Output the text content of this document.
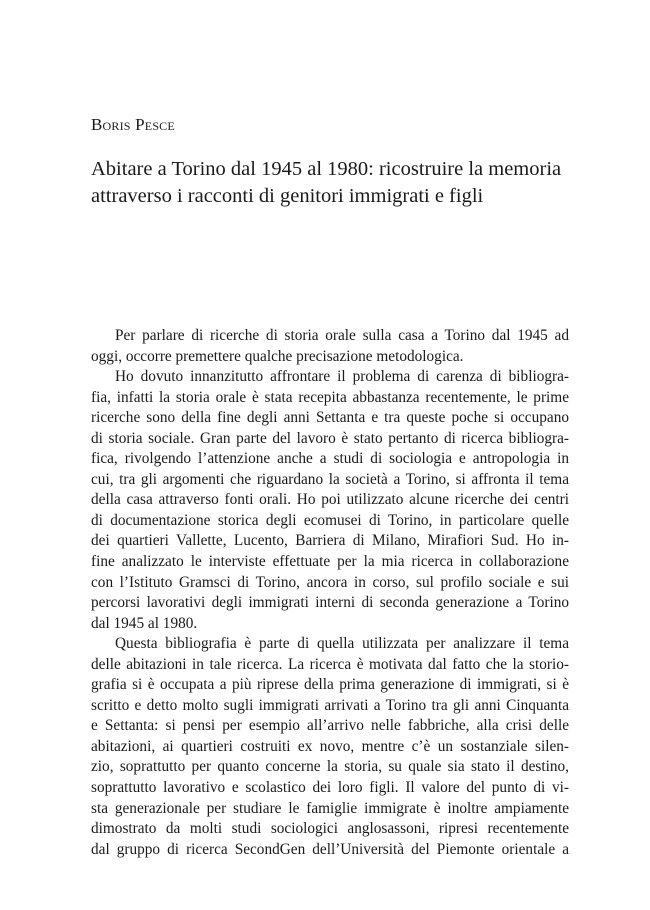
Boris Pesce
Abitare a Torino dal 1945 al 1980: ricostruire la memoria
attraverso i racconti di genitori immigrati e figli
Per parlare di ricerche di storia orale sulla casa a Torino dal 1945 ad
oggi, occorre premettere qualche precisazione metodologica.
Ho dovuto innanzitutto affrontare il problema di carenza di bibliogra-
fia, infatti la storia orale è stata recepita abbastanza recentemente, le prime
ricerche sono della fine degli anni Settanta e tra queste poche si occupano
di storia sociale. Gran parte del lavoro è stato pertanto di ricerca bibliogra-
fica, rivolgendo l’attenzione anche a studi di sociologia e antropologia in
cui, tra gli argomenti che riguardano la società a Torino, si affronta il tema
della casa attraverso fonti orali. Ho poi utilizzato alcune ricerche dei centri
di documentazione storica degli ecomusei di Torino, in particolare quelle
dei quartieri Vallette, Lucento, Barriera di Milano, Mirafiori Sud. Ho in-
fine analizzato le interviste effettuate per la mia ricerca in collaborazione
con l’Istituto Gramsci di Torino, ancora in corso, sul profilo sociale e sui
percorsi lavorativi degli immigrati interni di seconda generazione a Torino
dal 1945 al 1980.
Questa bibliografia è parte di quella utilizzata per analizzare il tema
delle abitazioni in tale ricerca. La ricerca è motivata dal fatto che la storio-
grafia si è occupata a più riprese della prima generazione di immigrati, si è
scritto e detto molto sugli immigrati arrivati a Torino tra gli anni Cinquanta
e Settanta: si pensi per esempio all’arrivo nelle fabbriche, alla crisi delle
abitazioni, ai quartieri costruiti ex novo, mentre c’è un sostanziale silen-
zio, soprattutto per quanto concerne la storia, su quale sia stato il destino,
soprattutto lavorativo e scolastico dei loro figli. Il valore del punto di vi-
sta generazionale per studiare le famiglie immigrate è inoltre ampiamente
dimostrato da molti studi sociologici anglosassoni, ripresi recentemente
dal gruppo di ricerca SecondGen dell’Università del Piemonte orientale a
